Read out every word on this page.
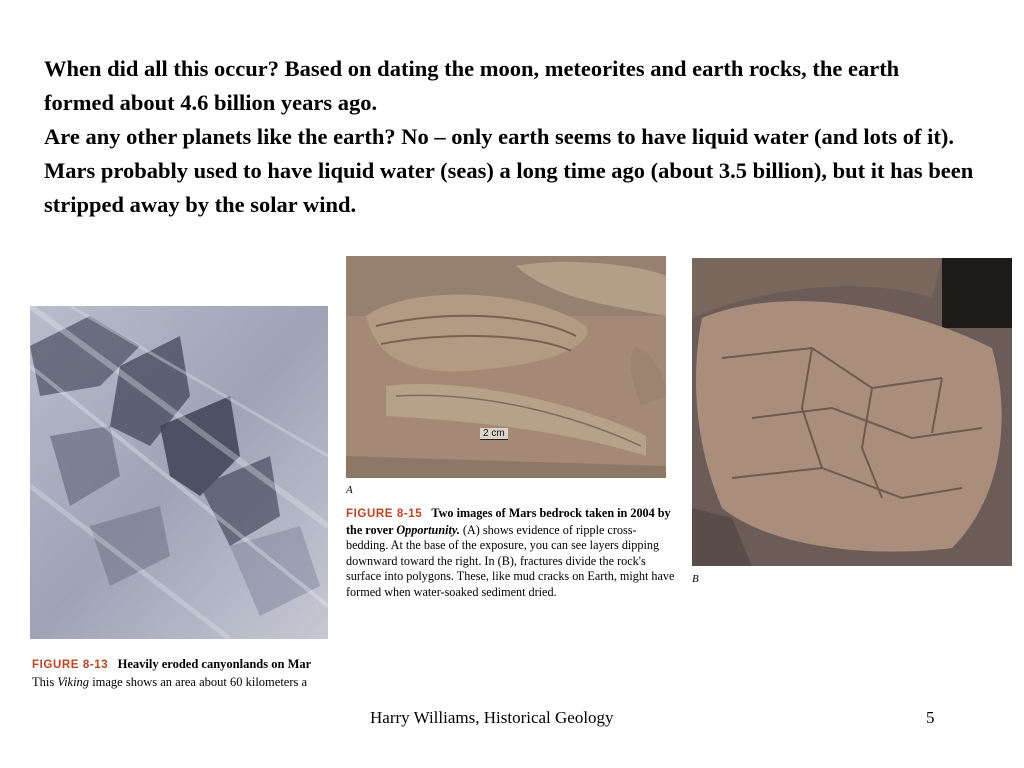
When did all this occur? Based on dating the moon, meteorites and earth rocks, the earth formed about 4.6 billion years ago.

Are any other planets like the earth? No – only earth seems to have liquid water (and lots of it). Mars probably used to have liquid water (seas) a long time ago (about 3.5 billion), but it has been stripped away by the solar wind.

FIGURE 8-13 Heavily eroded canyonlands on Mar
This Viking image shows an area about 60 kilometers a
2 cm
A

FIGURE 8-15 Two images of Mars bedrock taken in 2004 by the rover Opportunity. (A) shows evidence of ripple cross-bedding. At the base of the exposure, you can see layers dipping downward toward the right. In (B), fractures divide the rock's surface into polygons. These, like mud cracks on Earth, might have formed when water-soaked sediment dried.

B
Harry Williams, Historical Geology	5
